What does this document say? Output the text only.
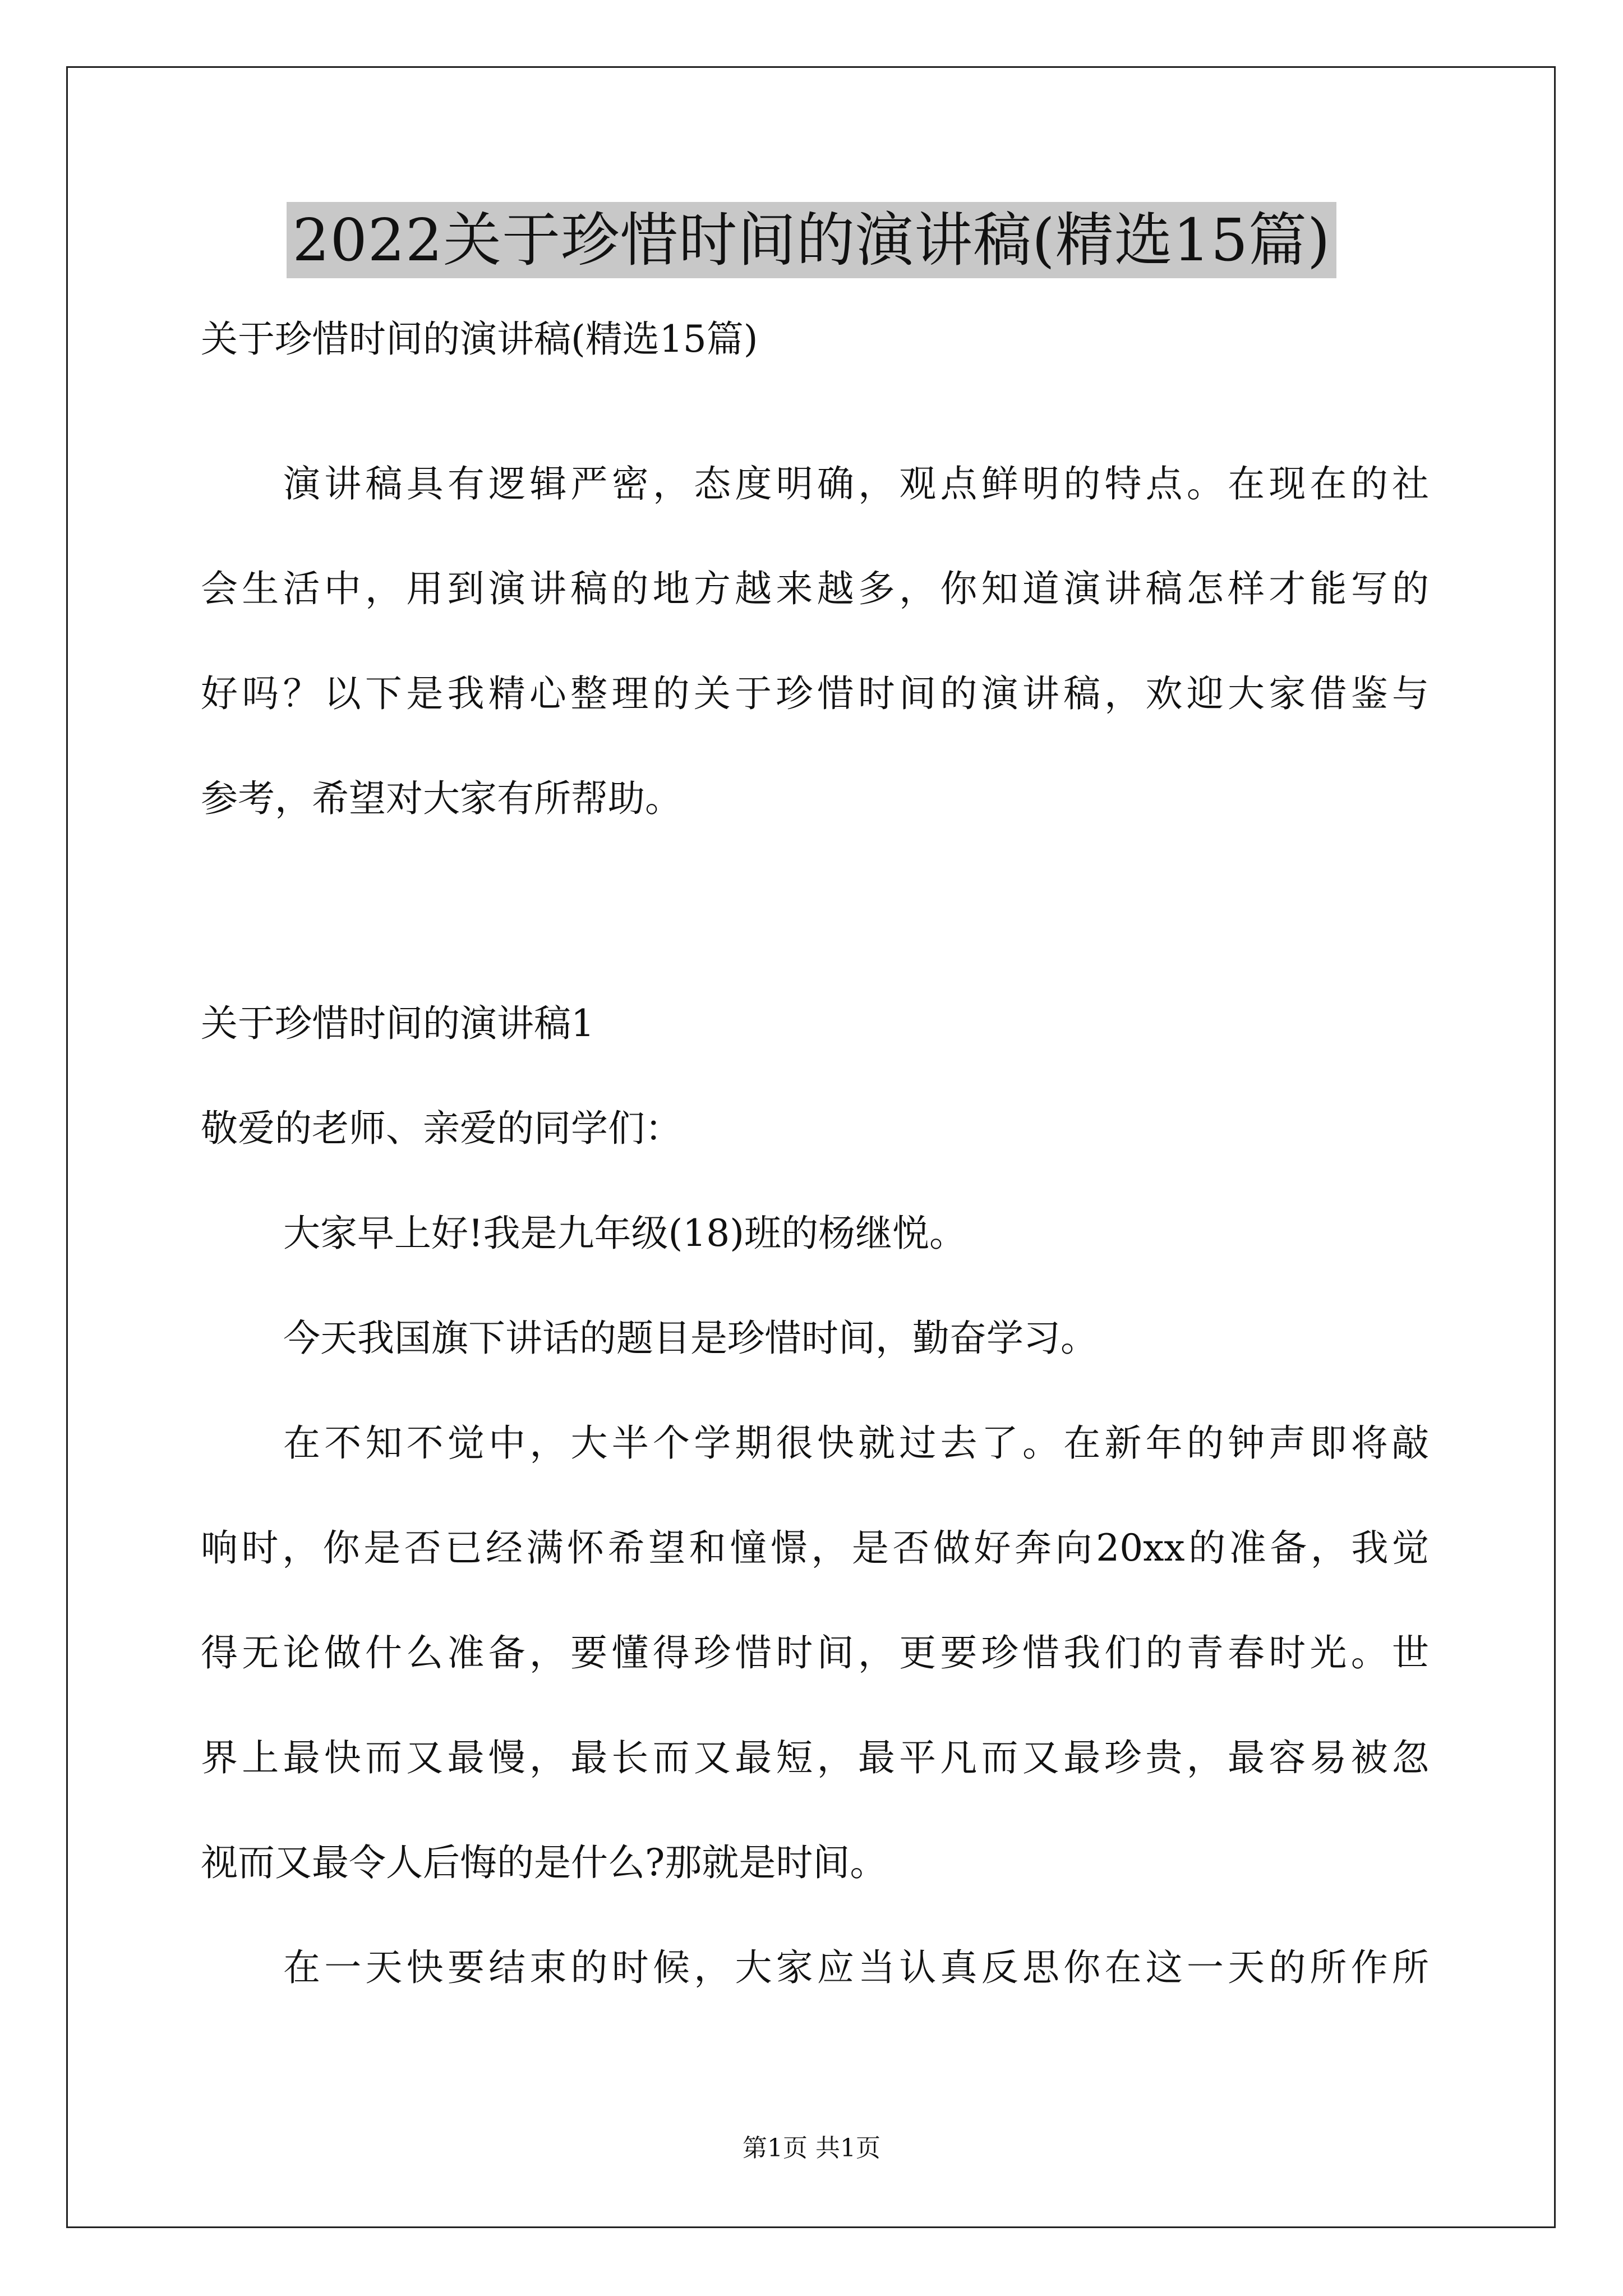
2022关于珍惜时间的演讲稿(精选15篇)
关于珍惜时间的演讲稿(精选15篇)
演讲稿具有逻辑严密，态度明确，观点鲜明的特点。在现在的社
会生活中，用到演讲稿的地方越来越多，你知道演讲稿怎样才能写的
好吗？以下是我精心整理的关于珍惜时间的演讲稿，欢迎大家借鉴与
参考，希望对大家有所帮助。
关于珍惜时间的演讲稿1
敬爱的老师、亲爱的同学们：
大家早上好!我是九年级(18)班的杨继悦。
今天我国旗下讲话的题目是珍惜时间，勤奋学习。
在不知不觉中，大半个学期很快就过去了。在新年的钟声即将敲
响时，你是否已经满怀希望和憧憬，是否做好奔向20xx的准备，我觉
得无论做什么准备，要懂得珍惜时间，更要珍惜我们的青春时光。世
界上最快而又最慢，最长而又最短，最平凡而又最珍贵，最容易被忽
视而又最令人后悔的是什么?那就是时间。
在一天快要结束的时候，大家应当认真反思你在这一天的所作所
第1页 共1页
